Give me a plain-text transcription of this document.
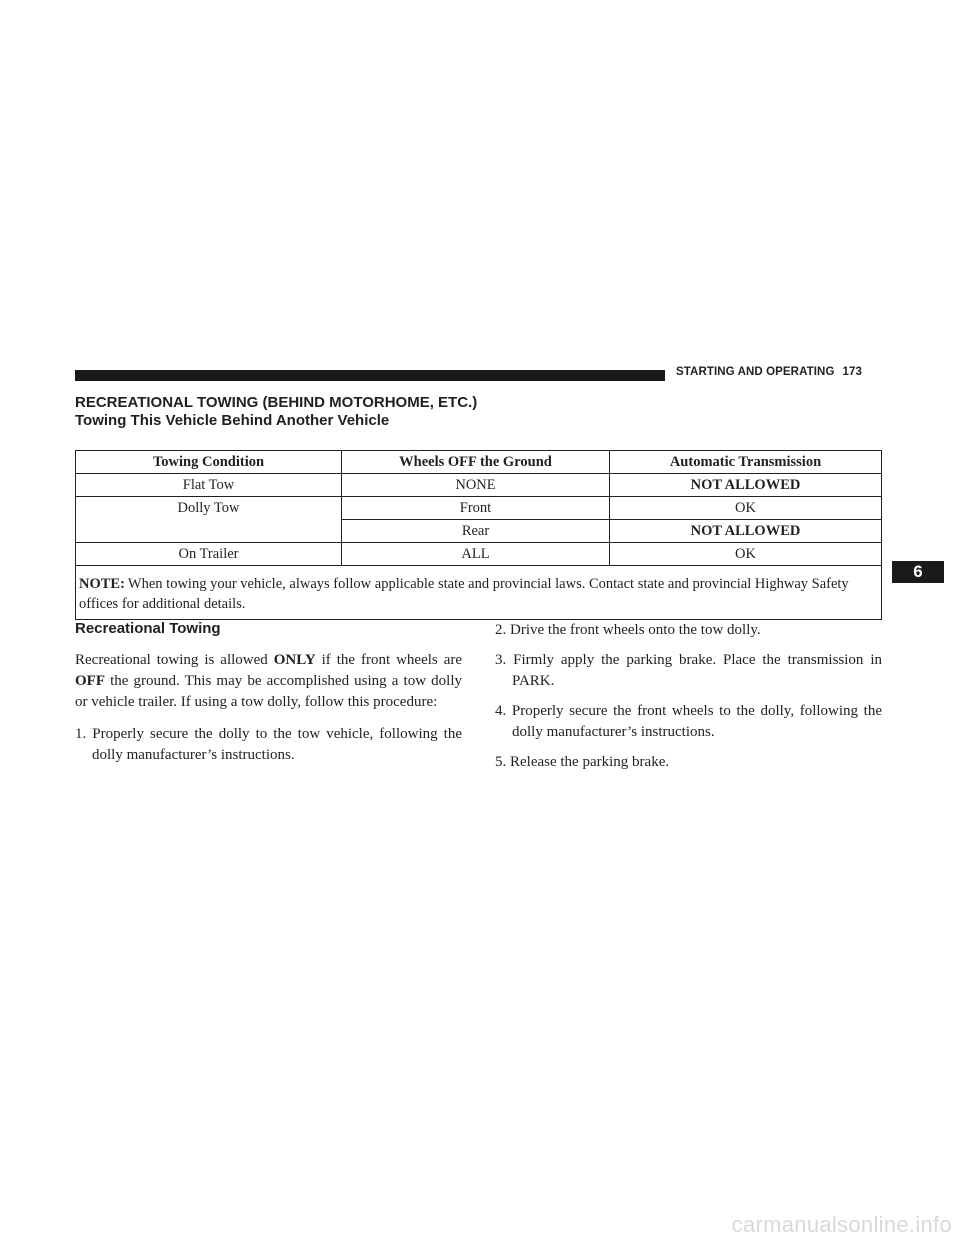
STARTING AND OPERATING 173
RECREATIONAL TOWING (BEHIND MOTORHOME, ETC.)
Towing This Vehicle Behind Another Vehicle
Towing Condition	Wheels OFF the Ground	Automatic Transmission
Flat Tow	NONE	NOT ALLOWED
Dolly Tow	Front	OK
	Rear	NOT ALLOWED
On Trailer	ALL	OK
NOTE: When towing your vehicle, always follow applicable state and provincial laws. Contact state and provincial Highway Safety offices for additional details.		
Recreational Towing

Recreational towing is allowed ONLY if the front wheels are OFF the ground. This may be accomplished using a tow dolly or vehicle trailer. If using a tow dolly, follow this procedure:

1. Properly secure the dolly to the tow vehicle, following the dolly manufacturer’s instructions.

2. Drive the front wheels onto the tow dolly.

3. Firmly apply the parking brake. Place the transmission in PARK.

4. Properly secure the front wheels to the dolly, following the dolly manufacturer’s instructions.

5. Release the parking brake.

6
carmanualsonline.info
